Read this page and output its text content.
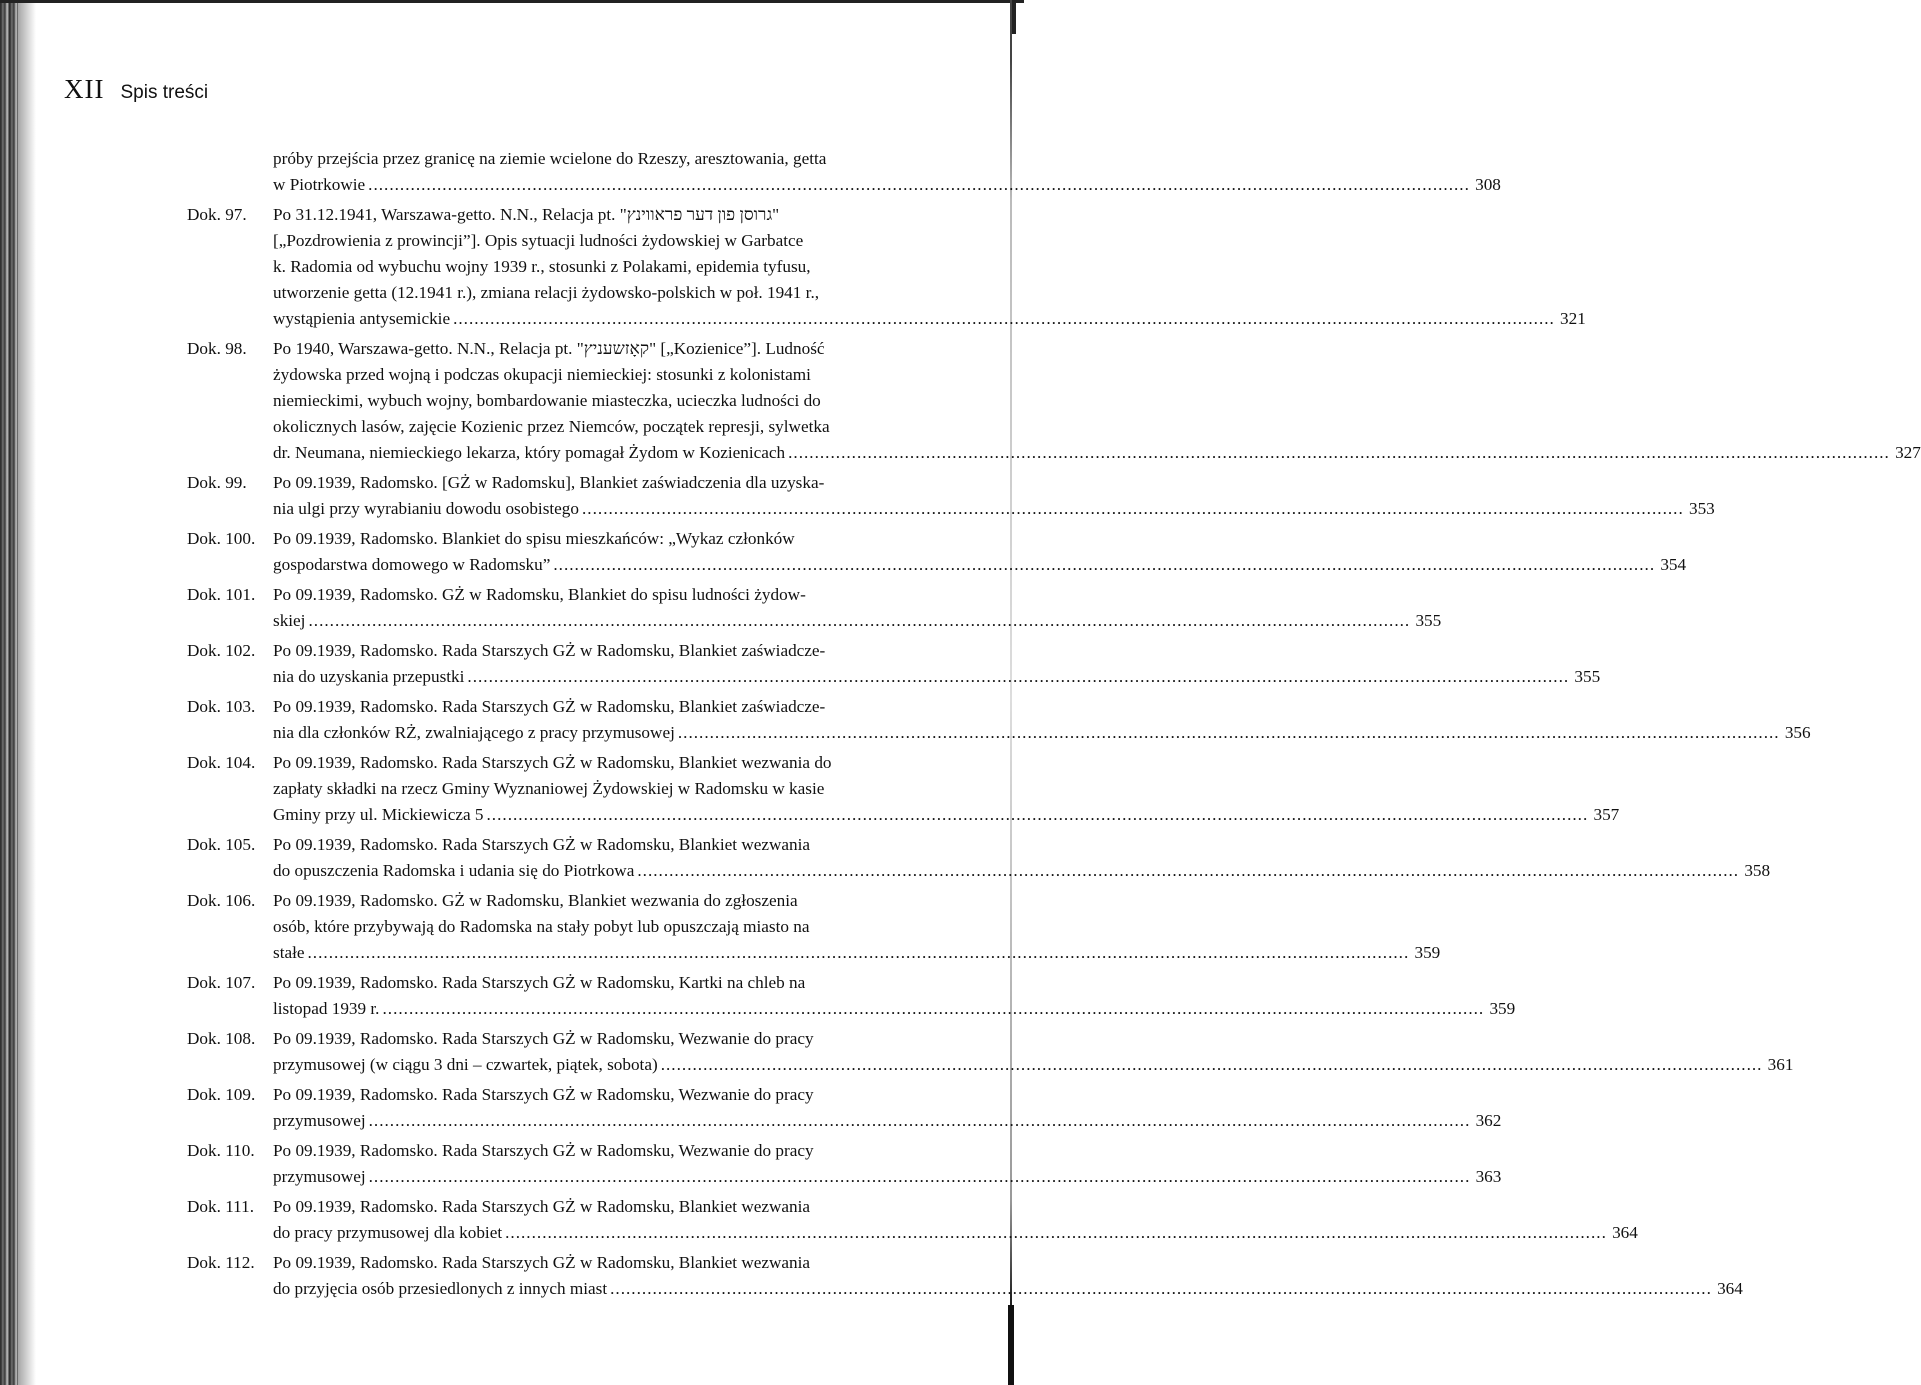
XII Spis treści
próby przejścia przez granicę na ziemie wcielone do Rzeszy, aresztowania, getta
w Piotrkowie .....	308
Dok. 97.	Po 31.12.1941, Warszawa-getto. N.N., Relacja pt. "גרוסן פון דער פראווינץ"
[„Pozdrowienia z prowincji”]. Opis sytuacji ludności żydowskiej w Garbatce
k. Radomia od wybuchu wojny 1939 r., stosunki z Polakami, epidemia tyfusu,
utworzenie getta (12.1941 r.), zmiana relacji żydowsko-polskich w poł. 1941 r.,
wystąpienia antysemickie .....	321
Dok. 98.	Po 1940, Warszawa-getto. N.N., Relacja pt. "קאָזשעניץ" [„Kozienice”]. Ludność
żydowska przed wojną i podczas okupacji niemieckiej: stosunki z kolonistami
niemieckimi, wybuch wojny, bombardowanie miasteczka, ucieczka ludności do
okolicznych lasów, zajęcie Kozienic przez Niemców, początek represji, sylwetka
dr. Neumana, niemieckiego lekarza, który pomagał Żydom w Kozienicach .....	327
Dok. 99.	Po 09.1939, Radomsko. [GŻ w Radomsku], Blankiet zaświadczenia dla uzyska-
nia ulgi przy wyrabianiu dowodu osobistego .....	353
Dok. 100.	Po 09.1939, Radomsko. Blankiet do spisu mieszkańców: „Wykaz członków
gospodarstwa domowego w Radomsku” .....	354
Dok. 101.	Po 09.1939, Radomsko. GŻ w Radomsku, Blankiet do spisu ludności żydow-
skiej .....	355
Dok. 102.	Po 09.1939, Radomsko. Rada Starszych GŻ w Radomsku, Blankiet zaświadcze-
nia do uzyskania przepustki .....	355
Dok. 103.	Po 09.1939, Radomsko. Rada Starszych GŻ w Radomsku, Blankiet zaświadcze-
nia dla członków RŻ, zwalniającego z pracy przymusowej .....	356
Dok. 104.	Po 09.1939, Radomsko. Rada Starszych GŻ w Radomsku, Blankiet wezwania do
zapłaty składki na rzecz Gminy Wyznaniowej Żydowskiej w Radomsku w kasie
Gminy przy ul. Mickiewicza 5 .....	357
Dok. 105.	Po 09.1939, Radomsko. Rada Starszych GŻ w Radomsku, Blankiet wezwania
do opuszczenia Radomska i udania się do Piotrkowa .....	358
Dok. 106.	Po 09.1939, Radomsko. GŻ w Radomsku, Blankiet wezwania do zgłoszenia
osób, które przybywają do Radomska na stały pobyt lub opuszczają miasto na
stałe .....	359
Dok. 107.	Po 09.1939, Radomsko. Rada Starszych GŻ w Radomsku, Kartki na chleb na
listopad 1939 r. .....	359
Dok. 108.	Po 09.1939, Radomsko. Rada Starszych GŻ w Radomsku, Wezwanie do pracy
przymusowej (w ciągu 3 dni – czwartek, piątek, sobota) .....	361
Dok. 109.	Po 09.1939, Radomsko. Rada Starszych GŻ w Radomsku, Wezwanie do pracy
przymusowej .....	362
Dok. 110.	Po 09.1939, Radomsko. Rada Starszych GŻ w Radomsku, Wezwanie do pracy
przymusowej .....	363
Dok. 111.	Po 09.1939, Radomsko. Rada Starszych GŻ w Radomsku, Blankiet wezwania
do pracy przymusowej dla kobiet .....	364
Dok. 112.	Po 09.1939, Radomsko. Rada Starszych GŻ w Radomsku, Blankiet wezwania
do przyjęcia osób przesiedlonych z innych miast .....	364
